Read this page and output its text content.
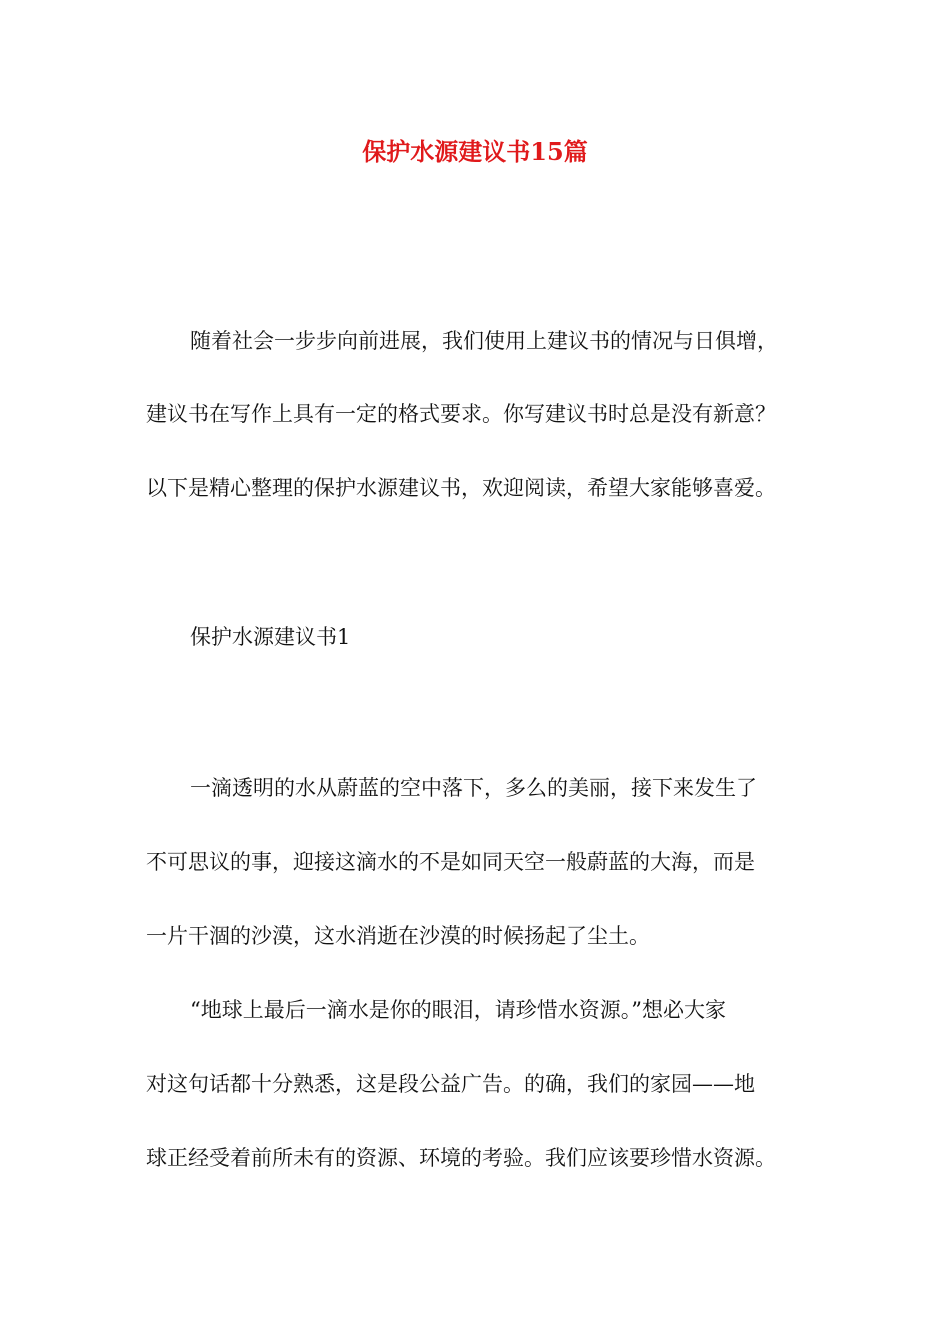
保护水源建议书15篇
随着社会一步步向前进展，我们使用上建议书的情况与日俱增，
建议书在写作上具有一定的格式要求。你写建议书时总是没有新意？
以下是精心整理的保护水源建议书，欢迎阅读，希望大家能够喜爱。
保护水源建议书1
一滴透明的水从蔚蓝的空中落下，多么的美丽，接下来发生了
不可思议的事，迎接这滴水的不是如同天空一般蔚蓝的大海，而是
一片干涸的沙漠，这水消逝在沙漠的时候扬起了尘土。
“地球上最后一滴水是你的眼泪，请珍惜水资源。”想必大家
对这句话都十分熟悉，这是段公益广告。的确，我们的家园——地
球正经受着前所未有的资源、环境的考验。我们应该要珍惜水资源。
